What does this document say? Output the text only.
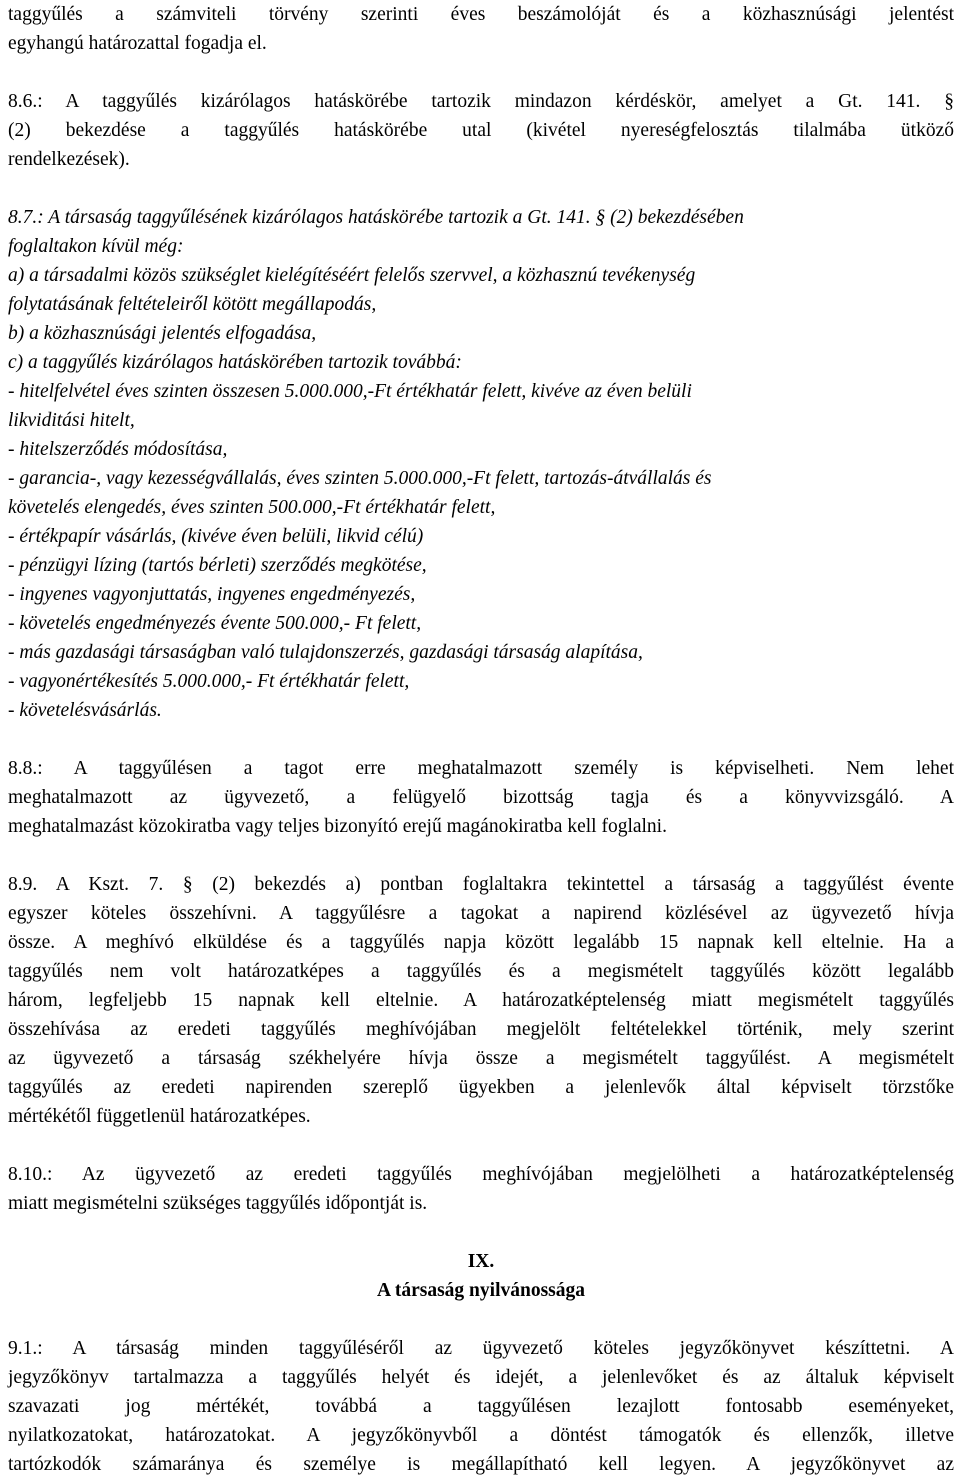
taggyűlés a számviteli törvény szerinti éves beszámolóját és a közhasznúsági jelentést
egyhangú határozattal fogadja el.

8.6.: A taggyűlés kizárólagos hatáskörébe tartozik mindazon kérdéskör, amelyet a Gt. 141. §
(2) bekezdése a taggyűlés hatáskörébe utal (kivétel nyereségfelosztás tilalmába ütköző
rendelkezések).

8.7.: A társaság taggyűlésének kizárólagos hatáskörébe tartozik a Gt. 141. § (2) bekezdésében
foglaltakon kívül még:
a) a társadalmi közös szükséglet kielégítéséért felelős szervvel, a közhasznú tevékenység
folytatásának feltételeiről kötött megállapodás,
b) a közhasznúsági jelentés elfogadása,
c) a taggyűlés kizárólagos hatáskörében tartozik továbbá:
- hitelfelvétel éves szinten összesen 5.000.000,-Ft értékhatár felett, kivéve az éven belüli
likviditási hitelt,
- hitelszerződés módosítása,
- garancia-, vagy kezességvállalás, éves szinten 5.000.000,-Ft felett, tartozás-átvállalás és
követelés elengedés, éves szinten 500.000,-Ft értékhatár felett,
- értékpapír vásárlás, (kivéve éven belüli, likvid célú)
- pénzügyi lízing (tartós bérleti) szerződés megkötése,
- ingyenes vagyonjuttatás, ingyenes engedményezés,
- követelés engedményezés évente 500.000,- Ft felett,
- más gazdasági társaságban való tulajdonszerzés, gazdasági társaság alapítása,
- vagyonértékesítés 5.000.000,- Ft értékhatár felett,
- követelésvásárlás.

8.8.: A taggyűlésen a tagot erre meghatalmazott személy is képviselheti. Nem lehet
meghatalmazott az ügyvezető, a felügyelő bizottság tagja és a könyvvizsgáló. A
meghatalmazást közokiratba vagy teljes bizonyító erejű magánokiratba kell foglalni.

8.9. A Kszt. 7. § (2) bekezdés a) pontban foglaltakra tekintettel a társaság a taggyűlést évente
egyszer köteles összehívni. A taggyűlésre a tagokat a napirend közlésével az ügyvezető hívja
össze. A meghívó elküldése és a taggyűlés napja között legalább 15 napnak kell eltelnie. Ha a
taggyűlés nem volt határozatképes a taggyűlés és a megismételt taggyűlés között legalább
három, legfeljebb 15 napnak kell eltelnie. A határozatképtelenség miatt megismételt taggyűlés
összehívása az eredeti taggyűlés meghívójában megjelölt feltételekkel történik, mely szerint
az ügyvezető a társaság székhelyére hívja össze a megismételt taggyűlést. A megismételt
taggyűlés az eredeti napirenden szereplő ügyekben a jelenlevők által képviselt törzstőke
mértékétől függetlenül határozatképes.

8.10.: Az ügyvezető az eredeti taggyűlés meghívójában megjelölheti a határozatképtelenség
miatt megismételni szükséges taggyűlés időpontját is.

IX.

A társaság nyilvánossága

9.1.: A társaság minden taggyűléséről az ügyvezető köteles jegyzőkönyvet készíttetni. A
jegyzőkönyv tartalmazza a taggyűlés helyét és idejét, a jelenlevőket és az általuk képviselt
szavazati jog mértékét, továbbá a taggyűlésen lezajlott fontosabb eseményeket,
nyilatkozatokat, határozatokat. A jegyzőkönyvből a döntést támogatók és ellenzők, illetve
tartózkodók számaránya és személye is megállapítható kell legyen. A jegyzőkönyvet az
